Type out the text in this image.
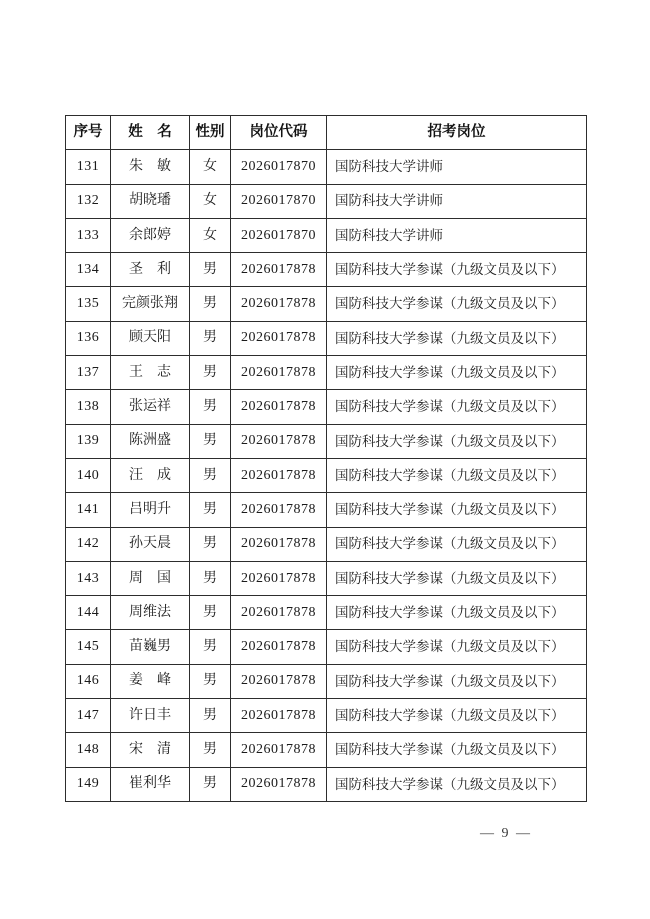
序号	姓　名	性别	岗位代码	招考岗位
131	朱　敏	女	2026017870	国防科技大学讲师
132	胡晓璠	女	2026017870	国防科技大学讲师
133	余郎婷	女	2026017870	国防科技大学讲师
134	圣　利	男	2026017878	国防科技大学参谋（九级文员及以下）
135	完颜张翔	男	2026017878	国防科技大学参谋（九级文员及以下）
136	顾天阳	男	2026017878	国防科技大学参谋（九级文员及以下）
137	王　志	男	2026017878	国防科技大学参谋（九级文员及以下）
138	张运祥	男	2026017878	国防科技大学参谋（九级文员及以下）
139	陈洲盛	男	2026017878	国防科技大学参谋（九级文员及以下）
140	汪　成	男	2026017878	国防科技大学参谋（九级文员及以下）
141	吕明升	男	2026017878	国防科技大学参谋（九级文员及以下）
142	孙天晨	男	2026017878	国防科技大学参谋（九级文员及以下）
143	周　国	男	2026017878	国防科技大学参谋（九级文员及以下）
144	周维法	男	2026017878	国防科技大学参谋（九级文员及以下）
145	苗巍男	男	2026017878	国防科技大学参谋（九级文员及以下）
146	姜　峰	男	2026017878	国防科技大学参谋（九级文员及以下）
147	许日丰	男	2026017878	国防科技大学参谋（九级文员及以下）
148	宋　清	男	2026017878	国防科技大学参谋（九级文员及以下）
149	崔利华	男	2026017878	国防科技大学参谋（九级文员及以下）
— 9 —
